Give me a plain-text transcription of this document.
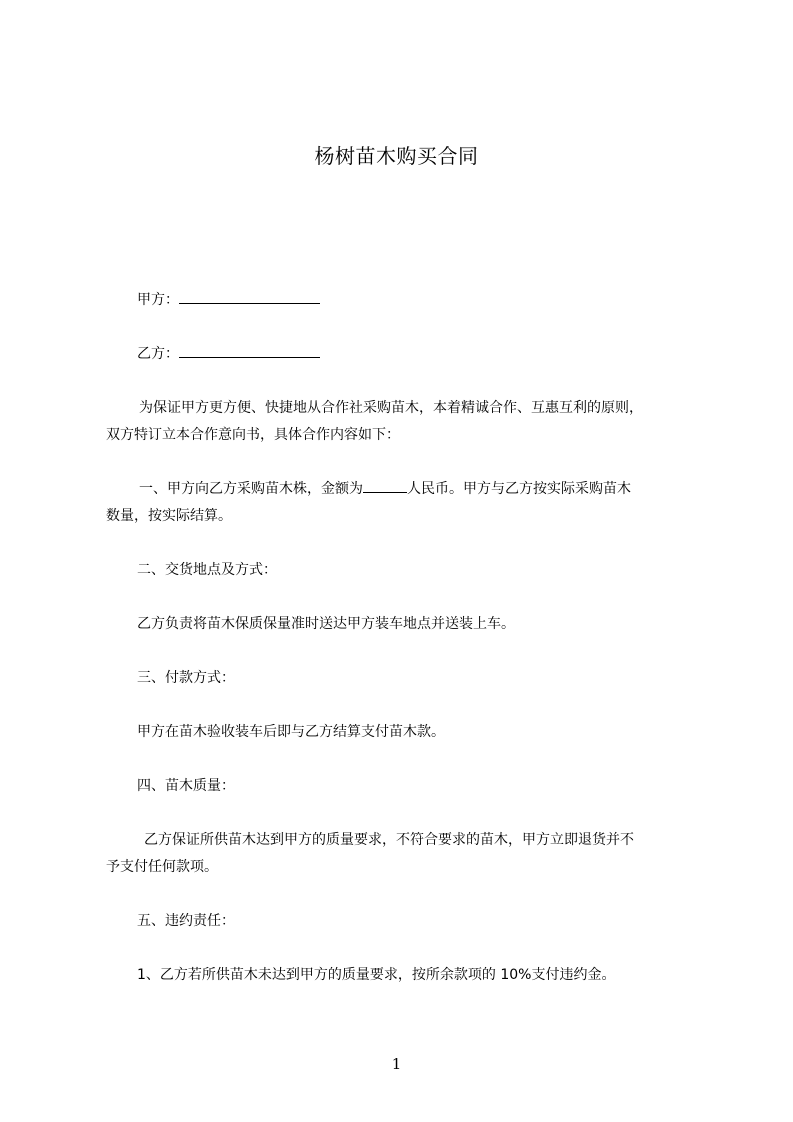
杨树苗木购买合同
甲方：
乙方：
为保证甲方更方便、快捷地从合作社采购苗木，本着精诚合作、互惠互利的原则，
双方特订立本合作意向书，具体合作内容如下：
一、甲方向乙方采购苗木株，金额为	人民币。甲方与乙方按实际采购苗木
数量，按实际结算。
二、交货地点及方式：
乙方负责将苗木保质保量准时送达甲方装车地点并送装上车。
三、付款方式：
甲方在苗木验收装车后即与乙方结算支付苗木款。
四、苗木质量：
乙方保证所供苗木达到甲方的质量要求，不符合要求的苗木，甲方立即退货并不
予支付任何款项。
五、违约责任：
1、乙方若所供苗木未达到甲方的质量要求，按所余款项的 10%支付违约金。
1
